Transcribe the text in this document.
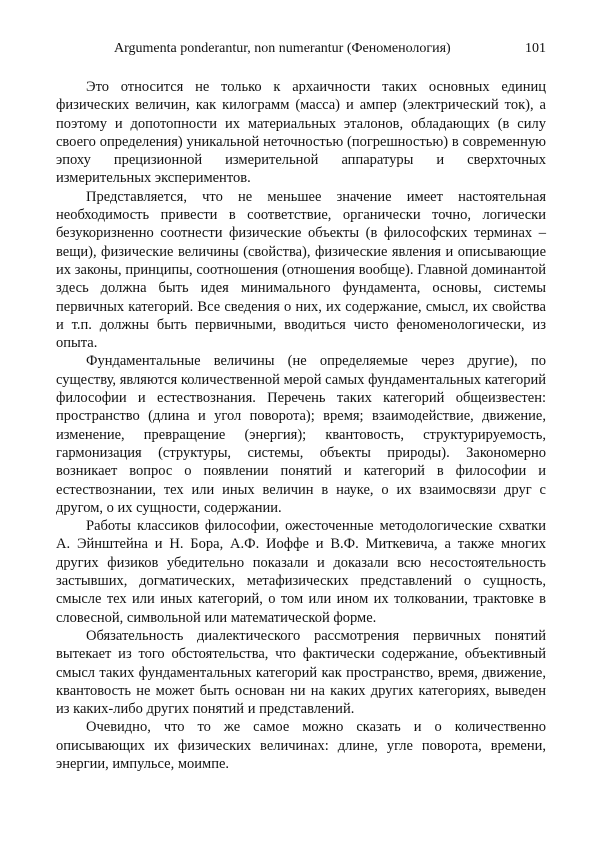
Argumenta ponderantur, non numerantur (Феноменология)	101

Это относится не только к архаичности таких основных единиц физических величин, как килограмм (масса) и ампер (электрический ток), а поэтому и допотопности их материальных эталонов, обладающих (в силу своего определения) уникальной неточностью (погрешностью) в современную эпоху прецизионной измерительной аппаратуры и сверхточных измерительных экспериментов.

Представляется, что не меньшее значение имеет настоятельная необходимость привести в соответствие, органически точно, логически безукоризненно соотнести физические объекты (в философских терминах – вещи), физические величины (свойства), физические явления и описывающие их законы, принципы, соотношения (отношения вообще). Главной доминантой здесь должна быть идея минимального фундамента, основы, системы первичных категорий. Все сведения о них, их содержание, смысл, их свойства и т.п. должны быть первичными, вводиться чисто феноменологически, из опыта.

Фундаментальные величины (не определяемые через другие), по существу, являются количественной мерой самых фундаментальных категорий философии и естествознания. Перечень таких категорий общеизвестен: пространство (длина и угол поворота); время; взаимодействие, движение, изменение, превращение (энергия); квантовость, структурируемость, гармонизация (структуры, системы, объекты природы). Закономерно возникает вопрос о появлении понятий и категорий в философии и естествознании, тех или иных величин в науке, о их взаимосвязи друг с другом, о их сущности, содержании.

Работы классиков философии, ожесточенные методологические схватки А. Эйнштейна и Н. Бора, А.Ф. Иоффе и В.Ф. Миткевича, а также многих других физиков убедительно показали и доказали всю несостоятельность застывших, догматических, метафизических представлений о сущность, смысле тех или иных категорий, о том или ином их толковании, трактовке в словесной, символьной или математической форме.

Обязательность диалектического рассмотрения первичных понятий вытекает из того обстоятельства, что фактически содержание, объективный смысл таких фундаментальных категорий как пространство, время, движение, квантовость не может быть основан ни на каких других категориях, выведен из каких-либо других понятий и представлений.

Очевидно, что то же самое можно сказать и о количественно описывающих их физических величинах: длине, угле поворота, времени, энергии, импульсе, моимпе.
